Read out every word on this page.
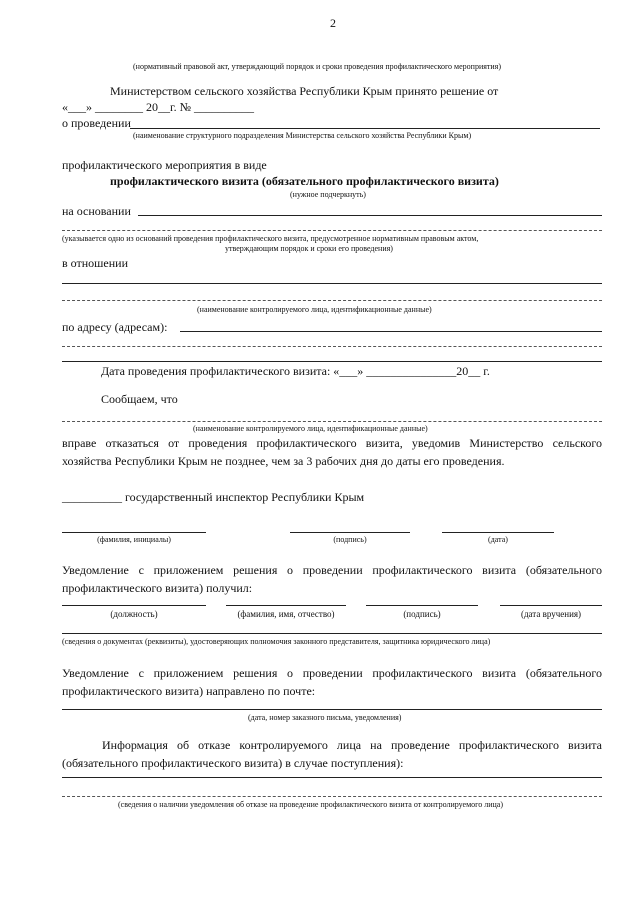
2
(нормативный правовой акт, утверждающий порядок и сроки проведения профилактического мероприятия)
Министерством сельского хозяйства Республики Крым принято решение от
«___» ________ 20__г. № __________
о проведении
(наименование структурного подразделения Министерства сельского хозяйства Республики Крым)
профилактического мероприятия в виде
профилактического визита (обязательного профилактического визита)
(нужное подчеркнуть)
на основании
(указывается одно из оснований проведения профилактического визита, предусмотренное нормативным правовым актом,
утверждающим порядок и сроки его проведения)
в отношении
(наименование контролируемого лица, идентификационные данные)
по адресу (адресам):
Дата проведения профилактического визита: «___» _______________20__ г.
Сообщаем, что
(наименование контролируемого лица, идентификационные данные)
вправе отказаться от проведения профилактического визита, уведомив Министерство сельского хозяйства Республики Крым не позднее, чем за 3 рабочих дня до даты его проведения.
__________ государственный инспектор Республики Крым
(фамилия, инициалы)	(подпись)	(дата)
Уведомление с приложением решения о проведении профилактического визита (обязательного профилактического визита) получил:
(должность)	(фамилия, имя, отчество)	(подпись)	(дата вручения)
(сведения о документах (реквизиты), удостоверяющих полномочия законного представителя, защитника юридического лица)
Уведомление с приложением решения о проведении профилактического визита (обязательного профилактического визита) направлено по почте:
(дата, номер заказного письма, уведомления)
Информация об отказе контролируемого лица на проведение профилактического визита (обязательного профилактического визита) в случае поступления):
(сведения о наличии уведомления об отказе на проведение профилактического визита от контролируемого лица)
